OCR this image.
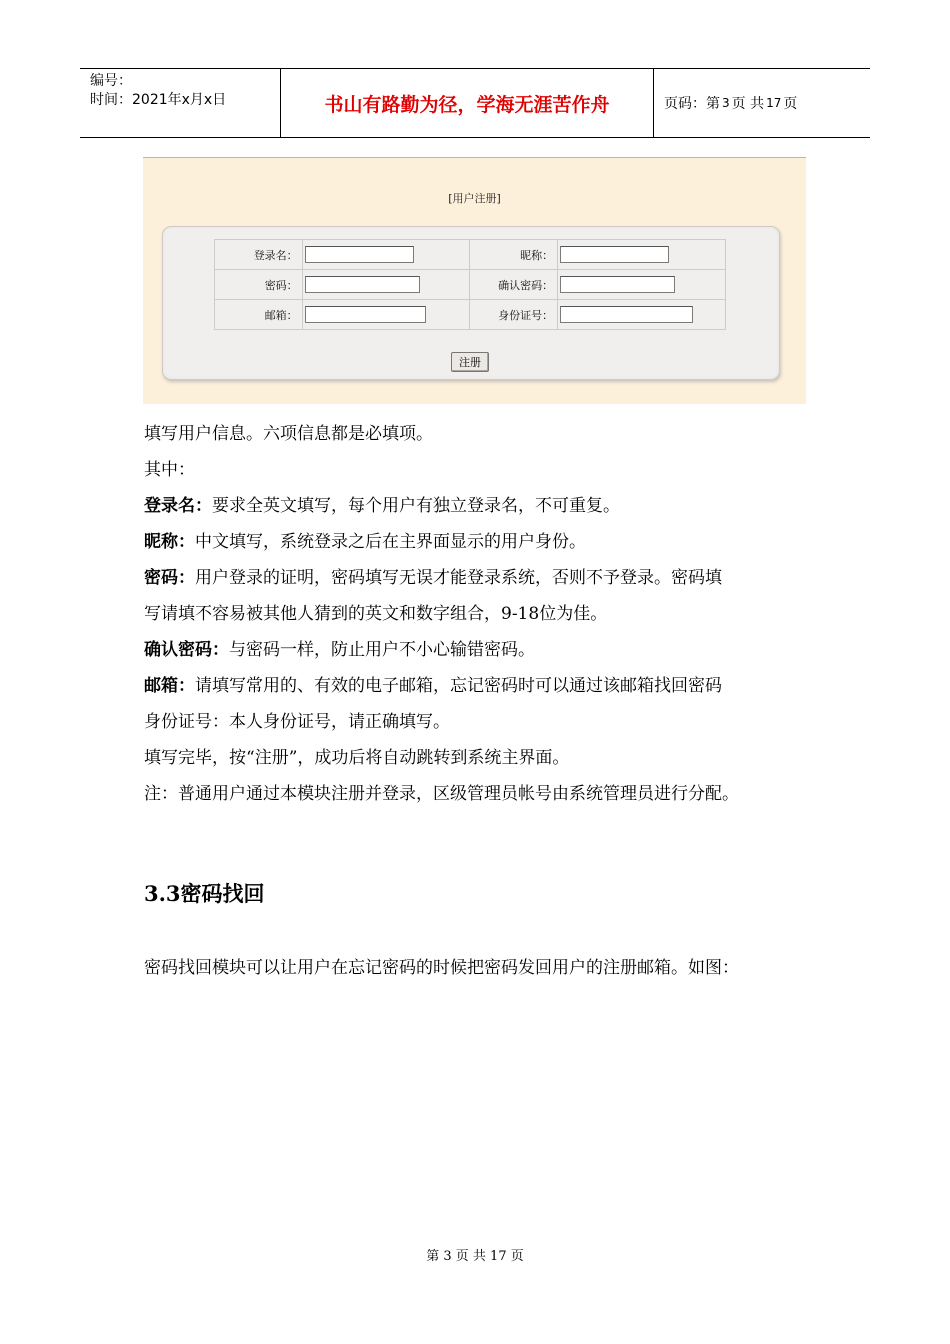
编号：
时间：2021年x月x日	书山有路勤为径，学海无涯苦作舟	页码：第 3 页 共 17 页
[用户注册]
登录名：		昵称：	
密码：		确认密码：	
邮箱：		身份证号：	
注册

填写用户信息。六项信息都是必填项。

其中：

登录名：要求全英文填写，每个用户有独立登录名，不可重复。

昵称：中文填写，系统登录之后在主界面显示的用户身份。

密码：用户登录的证明，密码填写无误才能登录系统，否则不予登录。密码填

写请填不容易被其他人猜到的英文和数字组合，9-18位为佳。

确认密码：与密码一样，防止用户不小心输错密码。

邮箱：请填写常用的、有效的电子邮箱，忘记密码时可以通过该邮箱找回密码

身份证号：本人身份证号，请正确填写。

填写完毕，按“注册”，成功后将自动跳转到系统主界面。

注：普通用户通过本模块注册并登录，区级管理员帐号由系统管理员进行分配。

3.3密码找回
密码找回模块可以让用户在忘记密码的时候把密码发回用户的注册邮箱。如图：
第 3 页 共 17 页
